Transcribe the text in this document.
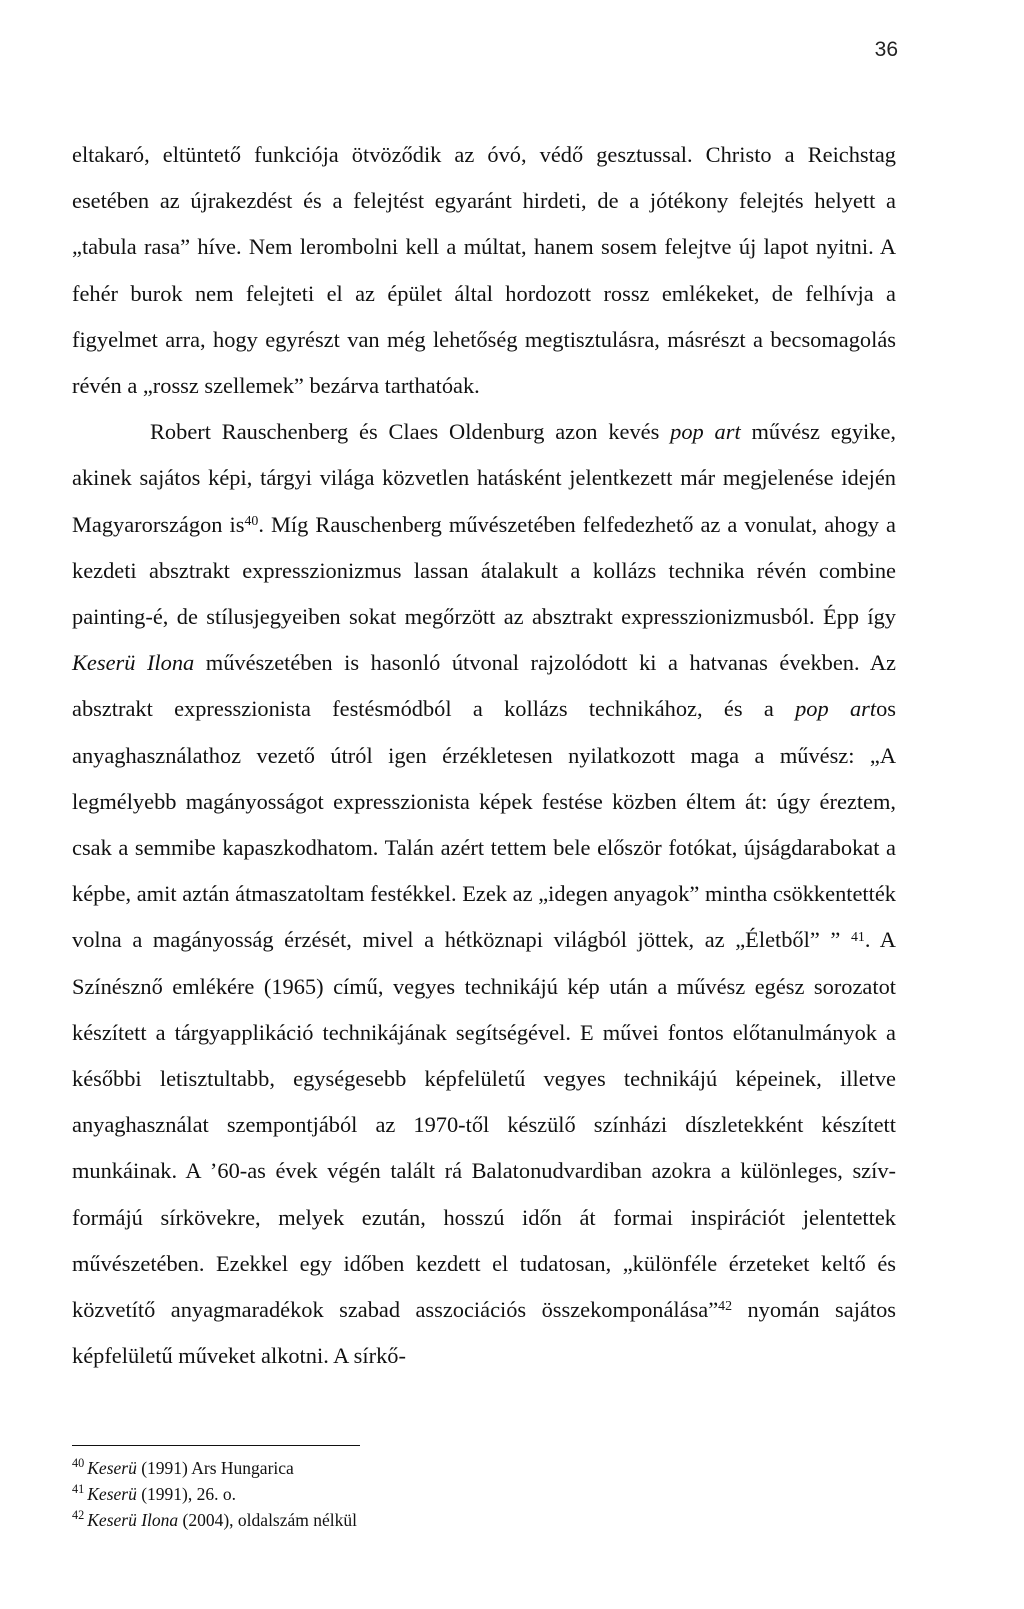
36

eltakaró, eltüntető funkciója ötvöződik az óvó, védő gesztussal. Christo a Reichstag esetében az újrakezdést és a felejtést egyaránt hirdeti, de a jótékony felejtés helyett a „tabula rasa” híve. Nem lerombolni kell a múltat, hanem sosem felejtve új lapot nyitni. A fehér burok nem felejteti el az épület által hordozott rossz emlékeket, de felhívja a figyelmet arra, hogy egyrészt van még lehetőség megtisztulásra, másrészt a becsomagolás révén a „rossz szellemek” bezárva tarthatóak.

Robert Rauschenberg és Claes Oldenburg azon kevés pop art művész egyike, akinek sajátos képi, tárgyi világa közvetlen hatásként jelentkezett már megjelenése idején Magyarországon $is^{40}$. Míg Rauschenberg művészetében felfedezhető az a vonulat, ahogy a kezdeti absztrakt expresszionizmus lassan átalakult a kollázs technika révén combine painting-é, de stílusjegyeiben sokat megőrzött az absztrakt expresszionizmusból. Épp így Keserü Ilona művészetében is hasonló útvonal rajzolódott ki a hatvanas években. Az absztrakt expresszionista festésmódból a kollázs technikához, és a pop artos anyaghasználathoz vezető útról igen érzékletesen nyilatkozott maga a művész: „A legmélyebb magányosságot expresszionista képek festése közben éltem át: úgy éreztem, csak a semmibe kapaszkodhatom. Talán azért tettem bele először fotókat, újságdarabokat a képbe, amit aztán átmaszatoltam festékkel. Ezek az „idegen anyagok” mintha csökkentették volna a magányosság érzését, mivel a hétköznapi világból jöttek, az „Életből” ” $^{41}$. A Színésznő emlékére (1965) című, vegyes technikájú kép után a művész egész sorozatot készített a tárgyapplikáció technikájának segítségével. E művei fontos előtanulmányok a későbbi letisztultabb, egységesebb képfelületű vegyes technikájú képeinek, illetve anyaghasználat szempontjából az 1970-től készülő színházi díszletekként készített munkáinak. A ’60-as évek végén talált rá Balatonudvardiban azokra a különleges, szív-formájú sírkövekre, melyek ezután, hosszú időn át formai inspirációt jelentettek művészetében. Ezekkel egy időben kezdett el tudatosan, „különféle érzeteket keltő és közvetítő anyagmaradékok szabad asszociációs összekomponálása”$^{42}$ nyomán sajátos képfelületű műveket alkotni. A sírkő-

$^{40}$ Keserü (1991) Ars Hungarica
$^{41}$ Keserü (1991), 26. o.
$^{42}$ Keserü Ilona (2004), oldalszám nélkül
